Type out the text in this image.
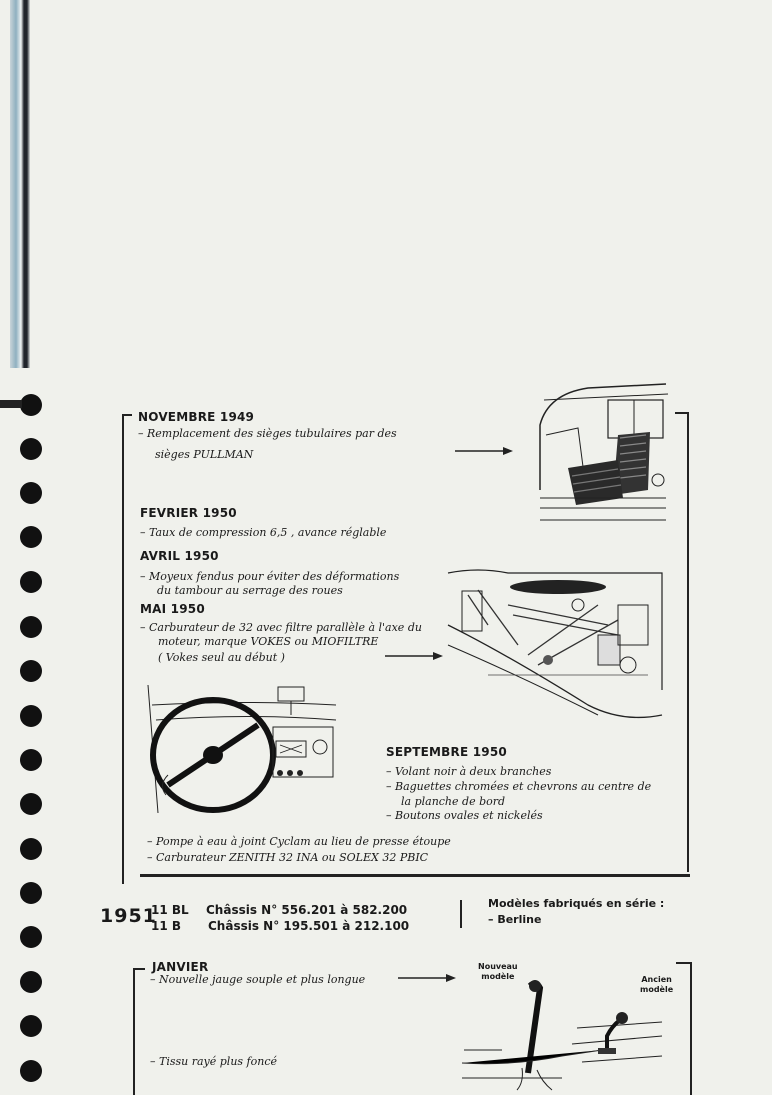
NOVEMBRE 1949
– Remplacement des sièges tubulaires par des
sièges PULLMAN
FEVRIER 1950
– Taux de compression 6,5 , avance réglable
AVRIL 1950
– Moyeux fendus pour éviter des déformations
du tambour au serrage des roues
MAI 1950
– Carburateur de 32 avec filtre parallèle à l'axe du
moteur, marque VOKES ou MIOFILTRE
( Vokes seul au début )
SEPTEMBRE 1950
– Volant noir à deux branches
– Baguettes chromées et chevrons au centre de
la planche de bord
– Boutons ovales et nickelés
– Pompe à eau à joint Cyclam au lieu de presse étoupe
– Carburateur ZENITH 32 INA ou SOLEX 32 PBIC
1951
11 BL
11 B
Châssis N° 556.201 à 582.200
Châssis N° 195.501 à 212.100
Modèles fabriqués en série :
– Berline
JANVIER
– Nouvelle jauge souple et plus longue
– Tissu rayé plus foncé
Nouveau
modèle	Ancien
modèle
